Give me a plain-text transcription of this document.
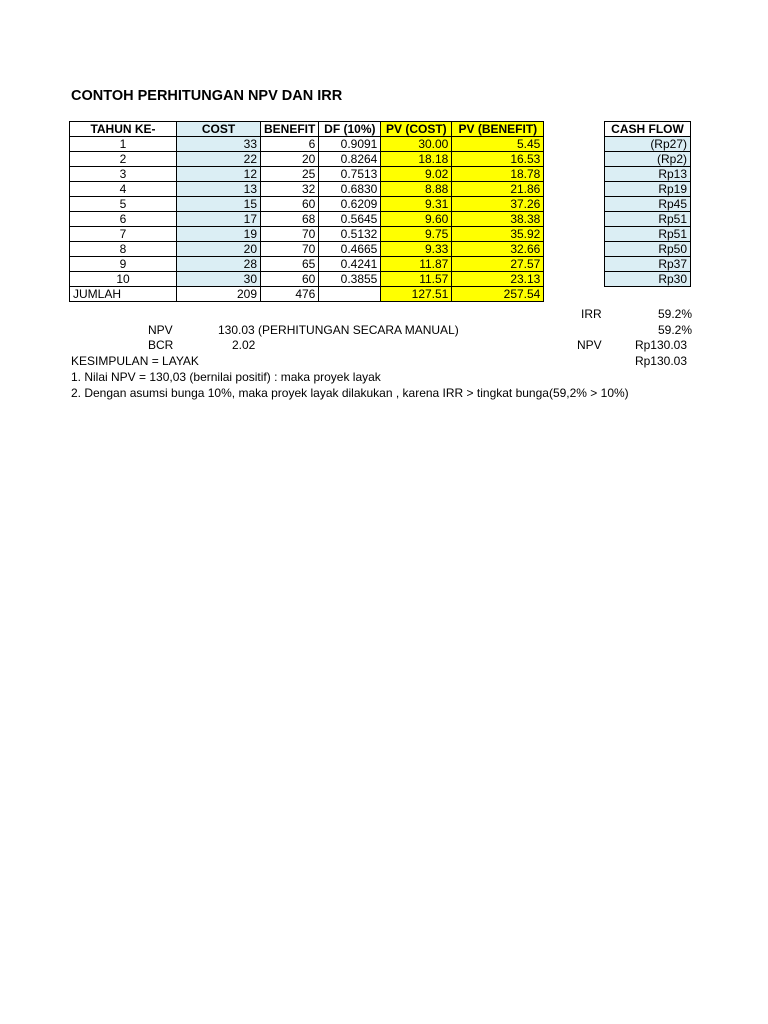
CONTOH PERHITUNGAN NPV DAN IRR
TAHUN KE-	COST	BENEFIT	DF (10%)	PV (COST)	PV (BENEFIT)
1	33	6	0.9091	30.00	5.45
2	22	20	0.8264	18.18	16.53
3	12	25	0.7513	9.02	18.78
4	13	32	0.6830	8.88	21.86
5	15	60	0.6209	9.31	37.26
6	17	68	0.5645	9.60	38.38
7	19	70	0.5132	9.75	35.92
8	20	70	0.4665	9.33	32.66
9	28	65	0.4241	11.87	27.57
10	30	60	0.3855	11.57	23.13
JUMLAH	209	476		127.51	257.54
CASH FLOW
(Rp27)
(Rp2)
Rp13
Rp19
Rp45
Rp51
Rp51
Rp50
Rp37
Rp30
IRR	59.2%
NPV	130.03 (PERHITUNGAN SECARA MANUAL)	59.2%
BCR	2.02	NPV	Rp130.03
KESIMPULAN = LAYAK	Rp130.03
1. Nilai NPV = 130,03 (bernilai positif) : maka proyek layak
2. Dengan asumsi bunga 10%, maka proyek layak dilakukan , karena IRR > tingkat bunga(59,2% > 10%)
